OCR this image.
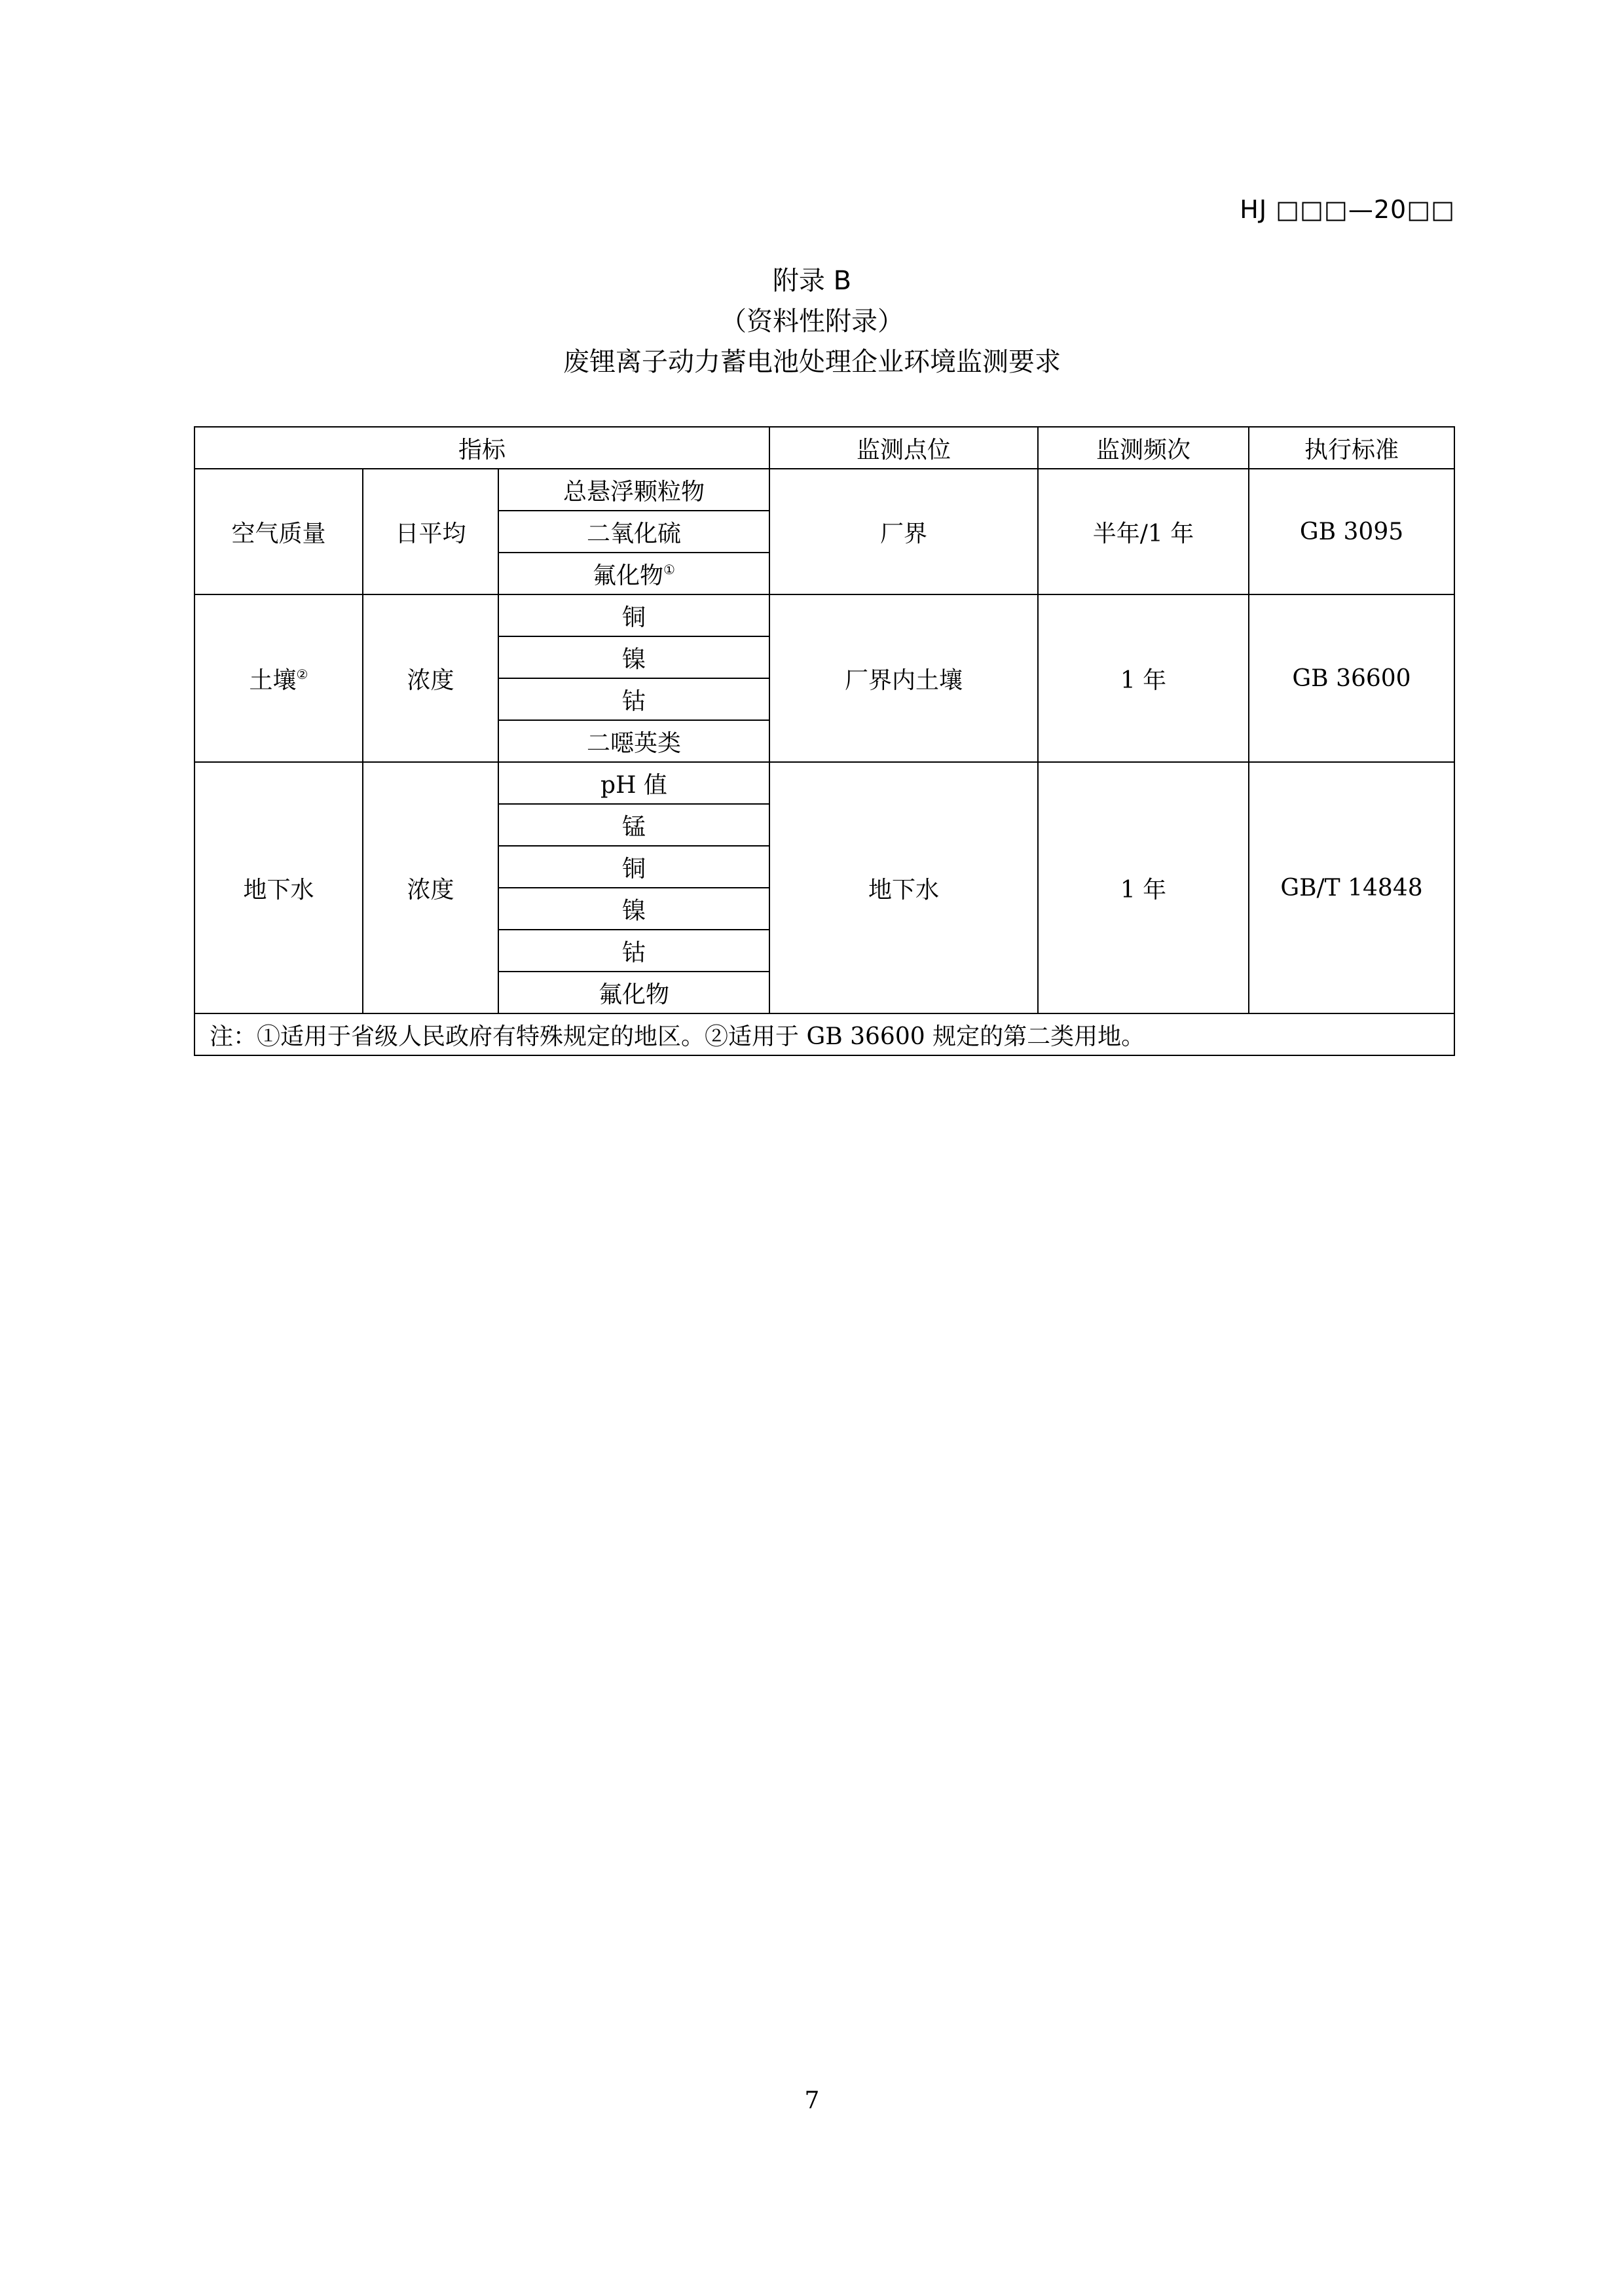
HJ □□□—20□□
附录 B
（资料性附录）
废锂离子动力蓄电池处理企业环境监测要求
指标			监测点位	监测频次	执行标准
空气质量	日平均	总悬浮颗粒物	厂界	半年/1 年	GB 3095
		二氧化硫			
		氟化物①
土壤②	浓度	铜	厂界内土壤	1 年	GB 36600
		镍			
		钴			
		二噁英类			
地下水	浓度	pH 值	地下水	1 年	GB/T 14848
		锰			
		铜			
		镍			
		钴			
		氟化物			
注：①适用于省级人民政府有特殊规定的地区。②适用于 GB 36600 规定的第二类用地。					
7
